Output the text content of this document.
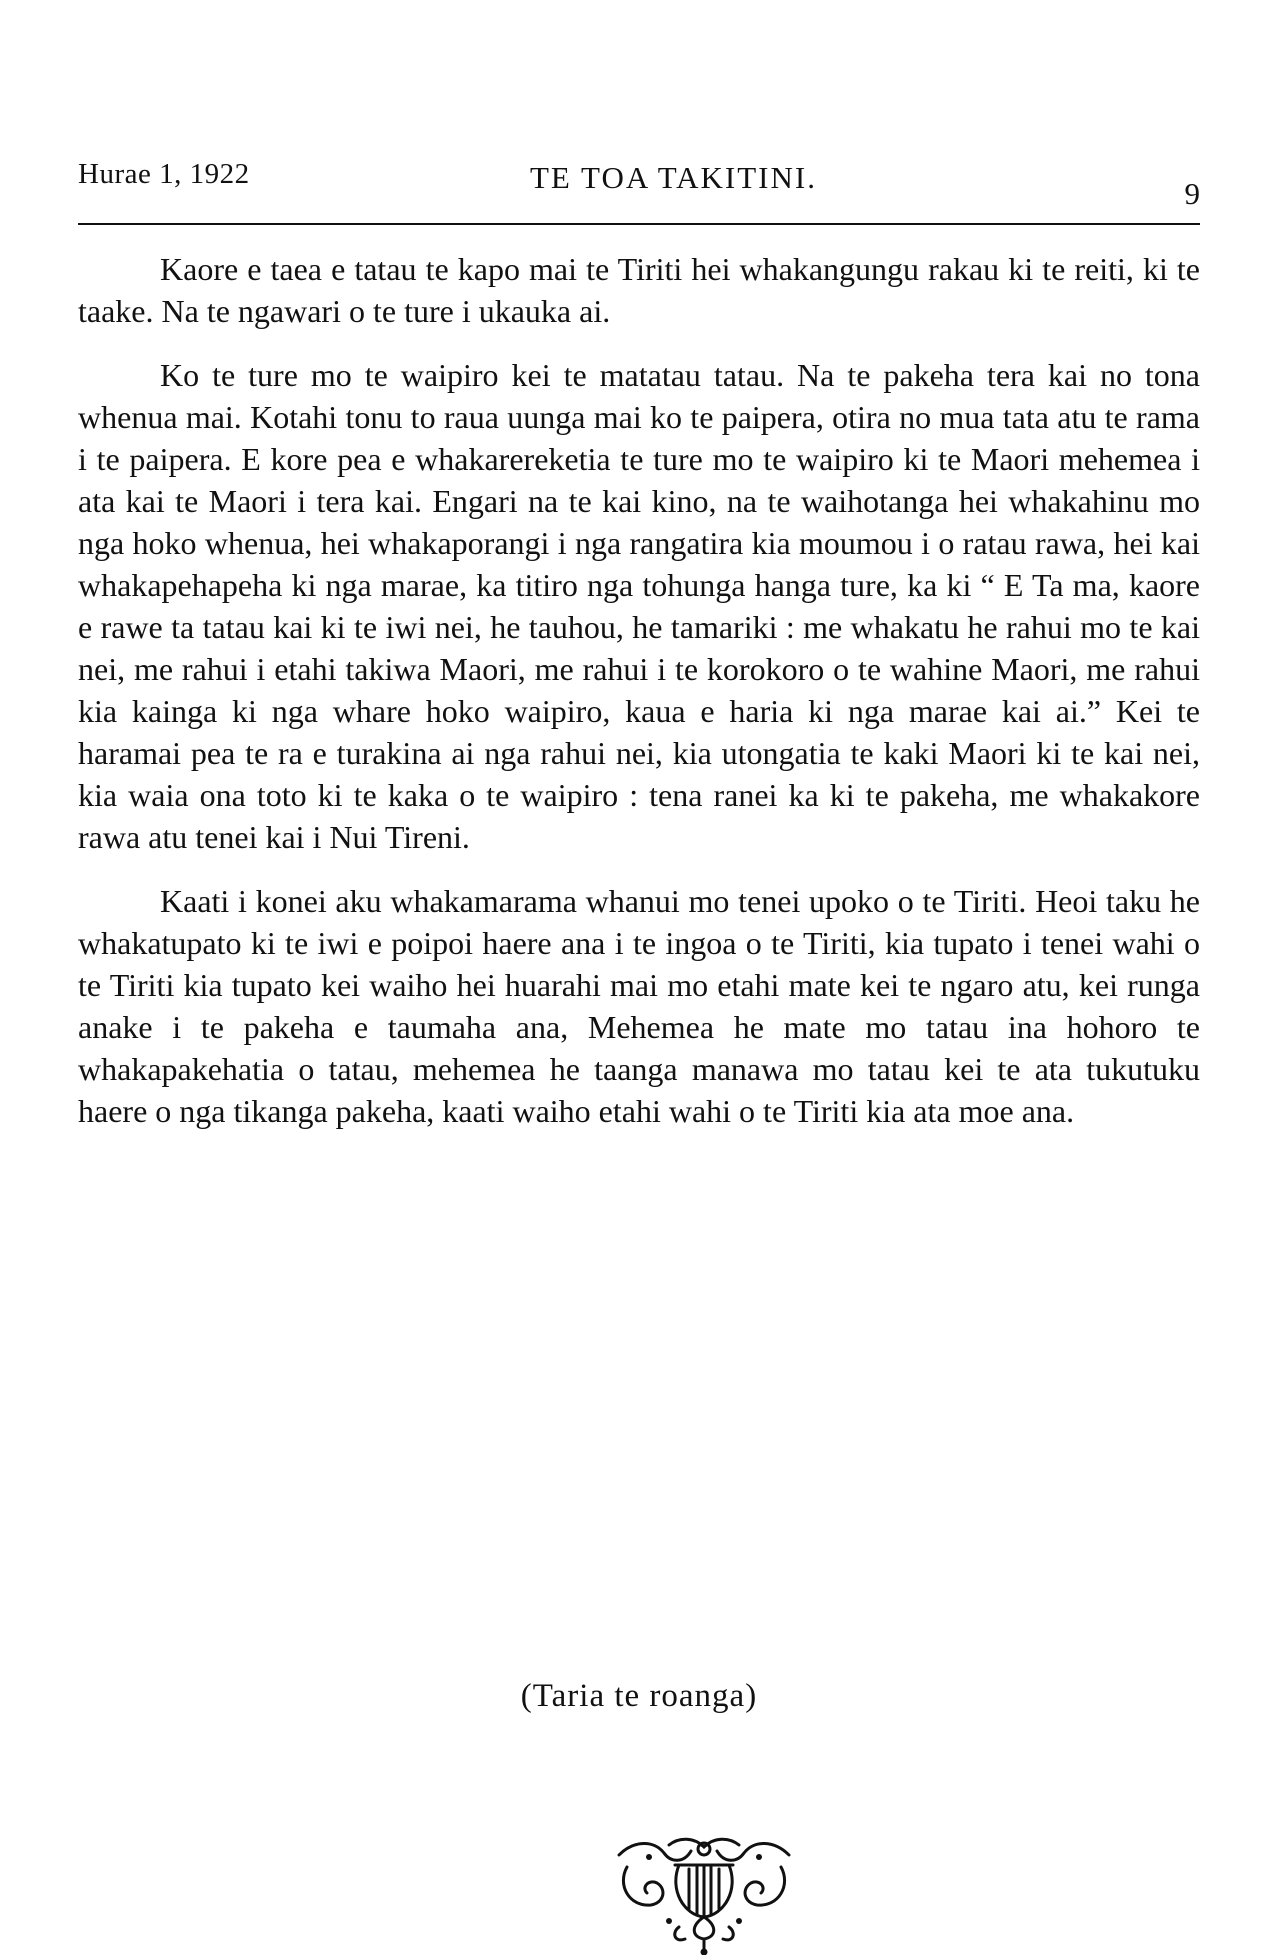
Hurae 1, 1922	TE TOA TAKITINI.	9

Kaore e taea e tatau te kapo mai te Tiriti hei whakangungu rakau ki te reiti, ki te taake. Na te ngawari o te ture i ukauka ai.

Ko te ture mo te waipiro kei te matatau tatau. Na te pakeha tera kai no tona whenua mai. Kotahi tonu to raua uunga mai ko te paipera, otira no mua tata atu te rama i te paipera. E kore pea e whakarereketia te ture mo te waipiro ki te Maori mehemea i ata kai te Maori i tera kai. Engari na te kai kino, na te waihotanga hei whakahinu mo nga hoko whenua, hei whakaporangi i nga rangatira kia moumou i o ratau rawa, hei kai whakapehapeha ki nga marae, ka titiro nga tohunga hanga ture, ka ki “ E Ta ma, kaore e rawe ta tatau kai ki te iwi nei, he tauhou, he tamariki : me whakatu he rahui mo te kai nei, me rahui i etahi takiwa Maori, me rahui i te korokoro o te wahine Maori, me rahui kia kainga ki nga whare hoko waipiro, kaua e haria ki nga marae kai ai.” Kei te haramai pea te ra e turakina ai nga rahui nei, kia utongatia te kaki Maori ki te kai nei, kia waia ona toto ki te kaka o te waipiro : tena ranei ka ki te pakeha, me whakakore rawa atu tenei kai i Nui Tireni.

Kaati i konei aku whakamarama whanui mo tenei upoko o te Tiriti. Heoi taku he whakatupato ki te iwi e poipoi haere ana i te ingoa o te Tiriti, kia tupato i tenei wahi o te Tiriti kia tupato kei waiho hei huarahi mai mo etahi mate kei te ngaro atu, kei runga anake i te pakeha e taumaha ana, Mehemea he mate mo tatau ina hohoro te whakapakehatia o tatau, mehemea he taanga manawa mo tatau kei te ata tukutuku haere o nga tikanga pakeha, kaati waiho etahi wahi o te Tiriti kia ata moe ana.

(Taria te roanga)
